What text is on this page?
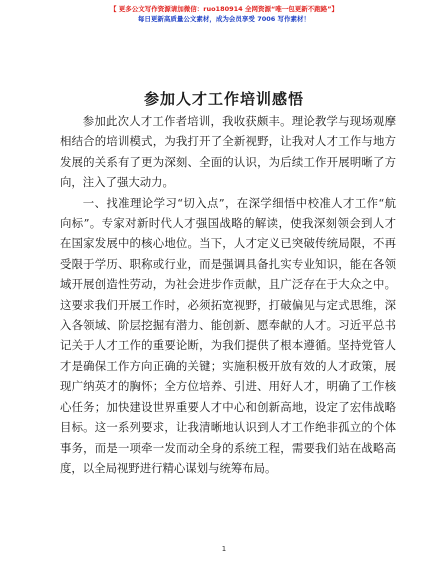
【 更多公文写作资源请加微信：ruo180914 全网资源“唯一包更新不跑路”】
每日更新高质量公文素材，成为会员享受 7006 写作素材！
参加人才工作培训感悟

参加此次人才工作者培训，我收获颇丰。理论教学与现场观摩相结合的培训模式，为我打开了全新视野，让我对人才工作与地方发展的关系有了更为深刻、全面的认识，为后续工作开展明晰了方向，注入了强大动力。

一、找准理论学习“切入点”，在深学细悟中校准人才工作“航向标”。专家对新时代人才强国战略的解读，使我深刻领会到人才在国家发展中的核心地位。当下，人才定义已突破传统局限，不再受限于学历、职称或行业，而是强调具备扎实专业知识，能在各领域开展创造性劳动，为社会进步作贡献，且广泛存在于大众之中。这要求我们开展工作时，必须拓宽视野，打破偏见与定式思维，深入各领域、阶层挖掘有潜力、能创新、愿奉献的人才。习近平总书记关于人才工作的重要论断，为我们提供了根本遵循。坚持党管人才是确保工作方向正确的关键；实施积极开放有效的人才政策，展现广纳英才的胸怀；全方位培养、引进、用好人才，明确了工作核心任务；加快建设世界重要人才中心和创新高地，设定了宏伟战略目标。这一系列要求，让我清晰地认识到人才工作绝非孤立的个体事务，而是一项牵一发而动全身的系统工程，需要我们站在战略高度，以全局视野进行精心谋划与统筹布局。

1
